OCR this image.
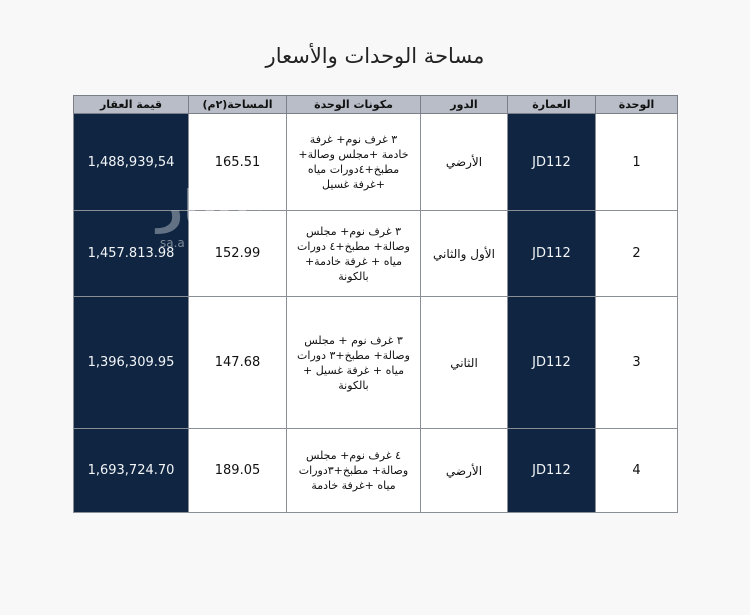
مساحة الوحدات والأسعار
الوحدة	العمارة	الدور	مكونات الوحدة	المساحة(٢م)	قيمة العقار
1	JD112	الأرضي	٣ غرف نوم+ غرفة خادمة +مجلس وصالة+ مطبخ+٤دورات مياه +غرفة غسيل	165.51	1,488,939,54
2	JD112	الأول والثاني	٣ غرف نوم+ مجلس وصالة+ مطبخ+٤ دورات مياه + غرفة خادمة+ بالكونة	152.99	1,457.813.98
3	JD112	الثاني	٣ غرف نوم + مجلس وصالة+ مطبخ+٣ دورات مياه + غرفة غسيل + بالكونة	147.68	1,396,309.95
4	JD112	الأرضي	٤ غرف نوم+ مجلس وصالة+ مطبخ+٣دورات مياه +غرفة خادمة	189.05	1,693,724.70
عقار
sa.a
